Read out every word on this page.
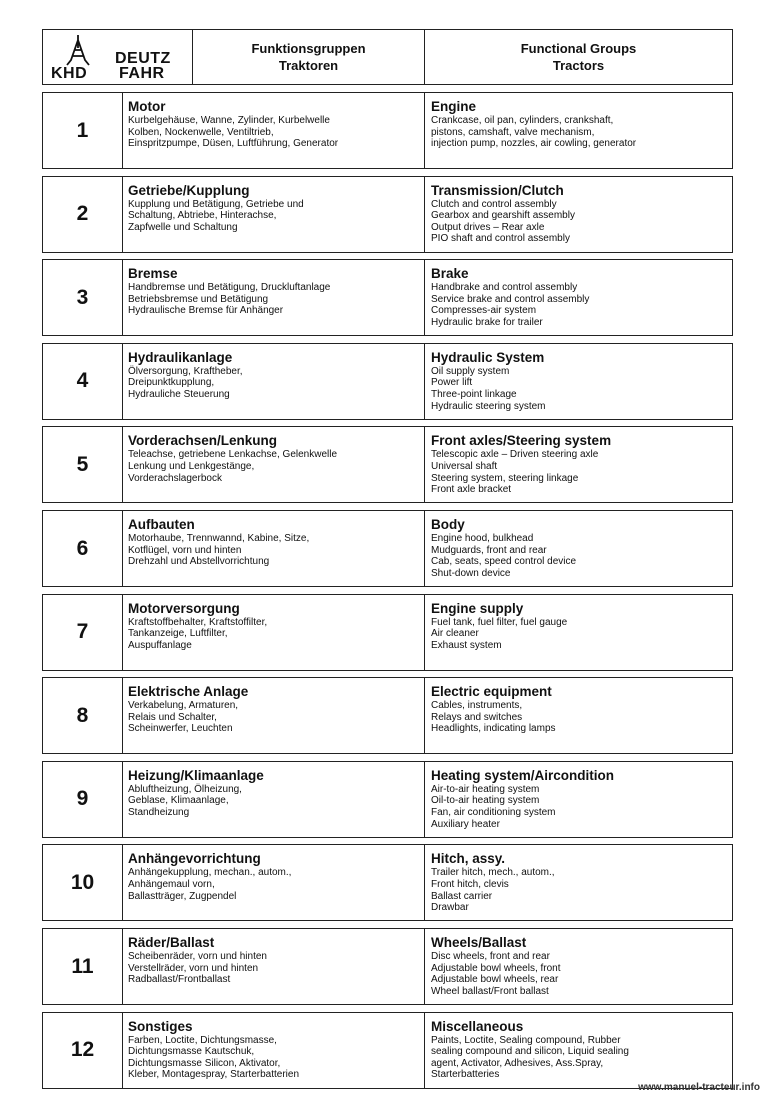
KHD
DEUTZ
FAHR
Funktionsgruppen
Traktoren
Functional Groups
Tractors
1
Motor
Kurbelgehäuse, Wanne, Zylinder, Kurbelwelle
Kolben, Nockenwelle, Ventiltrieb,
Einspritzpumpe, Düsen, Luftführung, Generator
Engine
Crankcase, oil pan, cylinders, crankshaft,
pistons, camshaft, valve mechanism,
injection pump, nozzles, air cowling, generator
2
Getriebe/Kupplung
Kupplung und Betätigung, Getriebe und
Schaltung, Abtriebe, Hinterachse,
Zapfwelle und Schaltung
Transmission/Clutch
Clutch and control assembly
Gearbox and gearshift assembly
Output drives – Rear axle
PIO shaft and control assembly
3
Bremse
Handbremse und Betätigung, Druckluftanlage
Betriebsbremse und Betätigung
Hydraulische Bremse für Anhänger
Brake
Handbrake and control assembly
Service brake and control assembly
Compresses-air system
Hydraulic brake for trailer
4
Hydraulikanlage
Ölversorgung, Kraftheber,
Dreipunktkupplung,
Hydrauliche Steuerung
Hydraulic System
Oil supply system
Power lift
Three-point linkage
Hydraulic steering system
5
Vorderachsen/Lenkung
Teleachse, getriebene Lenkachse, Gelenkwelle
Lenkung und Lenkgestänge,
Vorderachslagerbock
Front axles/Steering system
Telescopic axle – Driven steering axle
Universal shaft
Steering system, steering linkage
Front axle bracket
6
Aufbauten
Motorhaube, Trennwannd, Kabine, Sitze,
Kotflügel, vorn und hinten
Drehzahl und Abstellvorrichtung
Body
Engine hood, bulkhead
Mudguards, front and rear
Cab, seats, speed control device
Shut-down device
7
Motorversorgung
Kraftstoffbehalter, Kraftstoffilter,
Tankanzeige, Luftfilter,
Auspuffanlage
Engine supply
Fuel tank, fuel filter, fuel gauge
Air cleaner
Exhaust system
8
Elektrische Anlage
Verkabelung, Armaturen,
Relais und Schalter,
Scheinwerfer, Leuchten
Electric equipment
Cables, instruments,
Relays and switches
Headlights, indicating lamps
9
Heizung/Klimaanlage
Abluftheizung, Ölheizung,
Geblase, Klimaanlage,
Standheizung
Heating system/Aircondition
Air-to-air heating system
Oil-to-air heating system
Fan, air conditioning system
Auxiliary heater
10
Anhängevorrichtung
Anhängekupplung, mechan., autom.,
Anhängemaul vorn,
Ballastträger, Zugpendel
Hitch, assy.
Trailer hitch, mech., autom.,
Front hitch, clevis
Ballast carrier
Drawbar
11
Räder/Ballast
Scheibenräder, vorn und hinten
Verstellräder, vorn und hinten
Radballast/Frontballast
Wheels/Ballast
Disc wheels, front and rear
Adjustable bowl wheels, front
Adjustable bowl wheels, rear
Wheel ballast/Front ballast
12
Sonstiges
Farben, Loctite, Dichtungsmasse,
Dichtungsmasse Kautschuk,
Dichtungsmasse Silicon, Aktivator,
Kleber, Montagespray, Starterbatterien
Miscellaneous
Paints, Loctite, Sealing compound, Rubber
sealing compound and silicon, Liquid sealing
agent, Activator, Adhesives, Ass.Spray,
Starterbatteries
www.manuel-tracteur.info
